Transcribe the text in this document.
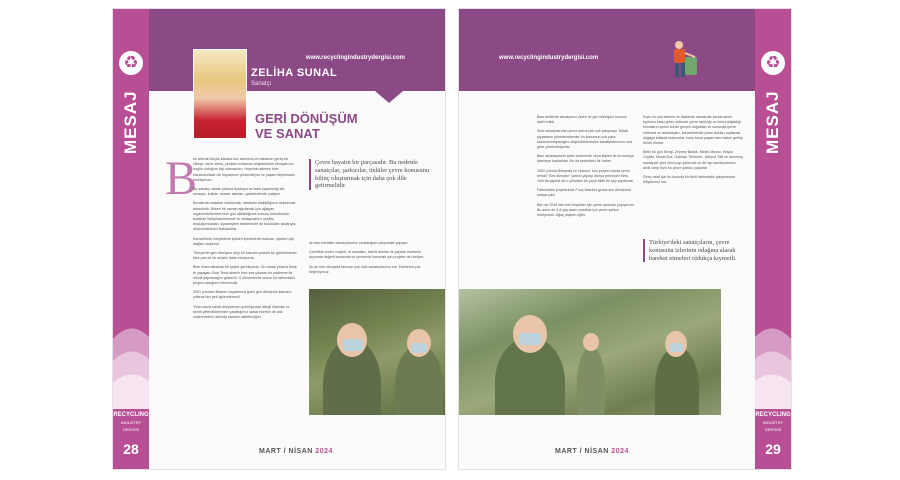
♻
MESAJ
RECYCLING
INDUSTRY DERGİSİ
28
www.recyclingindustrydergisi.com
ZELİHA SUNAL
Sanatçı
GERİ DÖNÜŞÜM
VE SANAT
B

en ailemin küçük kasaba kızı annemin ve babamın geniş bir ülkeye, tamir etmiş, yeniden kullanımı alışkanlıkları olmayan bu bugün olduğum kişi olamazdım. Hepsinin ailemin bize kazandırdıkları ile hayatımızı yönlendiriyor ve yaşam biçimimizin belirliyorum.

Bir sanatçı olarak yıllarca tiyatroyu ve fazla yaşamdığı stil, senaryo, kuliste, konser alanları, gazetecilerde çalıştım.

Buralarda masaları doldurmak, tabakları alabildiğince doldurmak adresindir. Birkeri bir zaman ağırlamak için ağlayan organizatörlerimiz bize göz alabildiğince sonunu bulurdukları, kulakları kütüphanelerimizi ve sıklaşmamızı çekilişi boşluğumuzdan, siyasetçileri isteklerinde de buldukları kadarıyla, düşüncelerimizi kutuladırlar.

Konserlerde izleyicilerin içtikleri içecekleriin kutuları, şişeleri çöp dağları oluşturur.

Türkiye'de geri dönüşüm ekip bir kavram yokken bu görebilmenin bize pek de bir anlamı ifade etmiyordu.

Bize ilham alınacak bir şeyler gerekiyordu. İlk olarak yıllarca İtmiş te yaşayan Okar Teniz abimin bize ses çıkaran bir malzeme ile müzik yapılacağını gösterdi. O dönemlerde bunun bir farkındalık projesi olduğunu bilemezdik.

2001 yılından itibaren hayatımıza giren geri dönüşüm kavramı yıllarca bizi pek ilgilendirmedi.

Yıllar sonra sanat dünyamızın yurtdışından aldığı ilhamlar ve kendi yeteneklerimizle yarattığımız sanat eserleri de atık malzemelerin aslında sanatın olabileceğini

Çevre hayatın bir parçasıdır. Bu nedenle sanatçılar, şarkıcılar, ünlüler çevre konusunu bilinç oluşturmak için daha çok dile getirmelidir.

de fark edelidim sanatçılarımız mutluluğum çalışmalar yapıyor.

Çevrilikle renim ,hoybel, el sanatları, takı/el atıkları ile yapılan eserlerin duyunda değerli konumda ve çevremizi korumak için projeler de üretiyor.

Şu an tüm dünyada tanınan çok ünlü sanatçılarımız var. Eserlerini çok beğeniyoruz.

MART / NİSAN 2024
♻
MESAJ
RECYCLING
INDUSTRY DERGİSİ
29
www.recyclingindustrydergisi.com

Bazı dizilerde sanatçımız çevre ve geri dönüşüm konusu dahil edildi.

Sesi sanatçılarımın çevre adına pek çok çalışmayı. Müzik piyasasını yöneltendirenler bu konumun çok para kazandırmayacağını düşündüklerinden sanatçılarımızın ona göre yönlendiriyorlar.

Bazı arkadaşlarım şarkı sözlerinde veya klipleri ile bu konuyu işlemeye başladılar. Bu da sevindirici bir haber.

1992 yılında Birleşmiş ve Unesco' nun projesi olarak çevre temalı "Ses dünyası" şarkısı yapılıp dünya prömiyeri New York'da yapıldı da o yıllardan bu yana birlik bir şey yapılmadı.

Farkındalık projelerinde Funç İstanbul gruba ses dönüşünü ortaya çıktı.

Ben de 2018 den beri büyükler için çevre şarkıları yapıyorum. Bu sene de 4-8 yaş arası çocuklar için çevre şarkısı üretiyorum. Ağaç yaşken eğilir.

Kışkı ön çok isbenin ve düzlemin sanatçılar sonda sesin toplumu karşı görev ödemek çevre farklılığı ve ikinci doğaldığı konulların içerisi kurtar gerçek doğaldan ve sonunda çevre edilmesi ve arkadaşları, konserlerinde çıkan atıkları toplamak doğaya katkıda bulunurlar, karşı buna yaşam tam haline getirip örnek olurlar.

Belki bir gün Sezgi, Zeynep Bastık, Melek Mosso, Hayko Cepkin, Murat Boz, Gökhan Türkmen , Aleyna Tilki ve tanınmış sanatçılar yeni nesil pop yarkında ve de rap sanatçılarımız akıllı verip bize bu çevre şarkısı yaparlar.

Genç nesil için bu konuda bir türlü farkındalık çalışmasına ihtiyacımız var.

Türkiye'deki sanatçıların, çevre konusuna izlerinin odağına alarak hareket etmeleri oldukça kıymetli.
MART / NİSAN 2024
